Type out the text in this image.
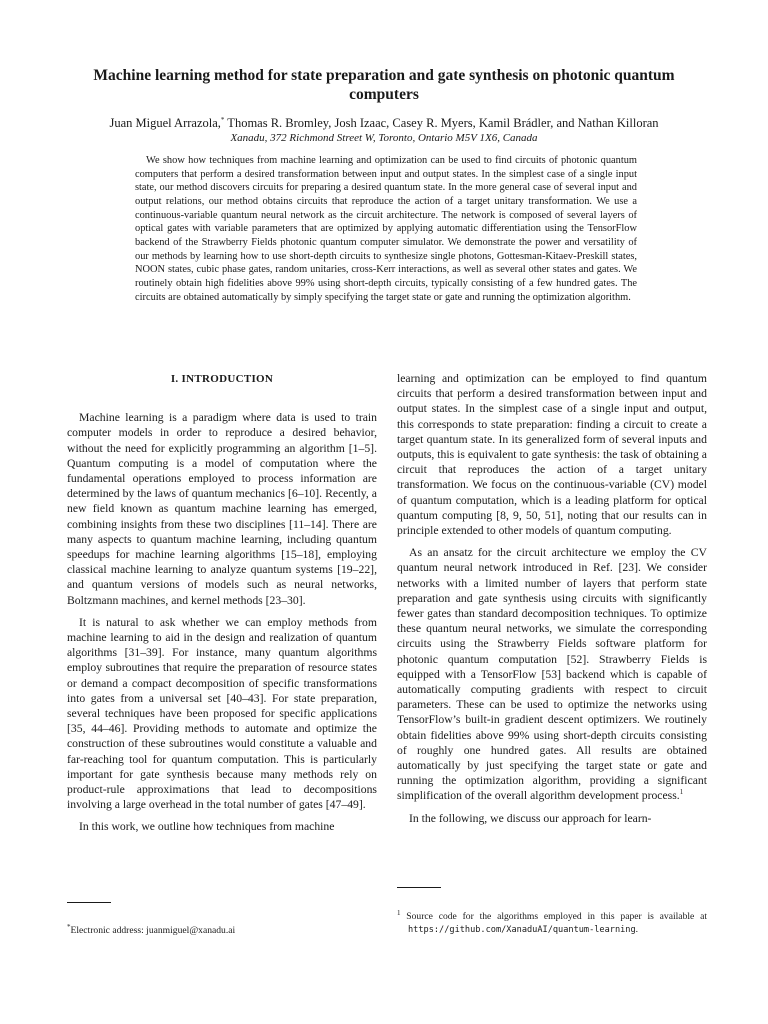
Machine learning method for state preparation and gate synthesis on photonic quantum computers
Juan Miguel Arrazola,* Thomas R. Bromley, Josh Izaac, Casey R. Myers, Kamil Brádler, and Nathan Killoran
Xanadu, 372 Richmond Street W, Toronto, Ontario M5V 1X6, Canada
We show how techniques from machine learning and optimization can be used to find circuits of photonic quantum computers that perform a desired transformation between input and output states. In the simplest case of a single input state, our method discovers circuits for preparing a desired quantum state. In the more general case of several input and output relations, our method obtains circuits that reproduce the action of a target unitary transformation. We use a continuous-variable quantum neural network as the circuit architecture. The network is composed of several layers of optical gates with variable parameters that are optimized by applying automatic differentiation using the TensorFlow backend of the Strawberry Fields photonic quantum computer simulator. We demonstrate the power and versatility of our methods by learning how to use short-depth circuits to synthesize single photons, Gottesman-Kitaev-Preskill states, NOON states, cubic phase gates, random unitaries, cross-Kerr interactions, as well as several other states and gates. We routinely obtain high fidelities above 99% using short-depth circuits, typically consisting of a few hundred gates. The circuits are obtained automatically by simply specifying the target state or gate and running the optimization algorithm.
I. INTRODUCTION

Machine learning is a paradigm where data is used to train computer models in order to reproduce a desired behavior, without the need for explicitly programming an algorithm [1–5]. Quantum computing is a model of computation where the fundamental operations employed to process information are determined by the laws of quantum mechanics [6–10]. Recently, a new field known as quantum machine learning has emerged, combining insights from these two disciplines [11–14]. There are many aspects to quantum machine learning, including quantum speedups for machine learning algorithms [15–18], employing classical machine learning to analyze quantum systems [19–22], and quantum versions of models such as neural networks, Boltzmann machines, and kernel methods [23–30].

It is natural to ask whether we can employ methods from machine learning to aid in the design and realization of quantum algorithms [31–39]. For instance, many quantum algorithms employ subroutines that require the preparation of resource states or demand a compact decomposition of specific transformations into gates from a universal set [40–43]. For state preparation, several techniques have been proposed for specific applications [35, 44–46]. Providing methods to automate and optimize the construction of these subroutines would constitute a valuable and far-reaching tool for quantum computation. This is particularly important for gate synthesis because many methods rely on product-rule approximations that lead to decompositions involving a large overhead in the total number of gates [47–49].

In this work, we outline how techniques from machine

learning and optimization can be employed to find quantum circuits that perform a desired transformation between input and output states. In the simplest case of a single input and output, this corresponds to state preparation: finding a circuit to create a target quantum state. In its generalized form of several inputs and outputs, this is equivalent to gate synthesis: the task of obtaining a circuit that reproduces the action of a target unitary transformation. We focus on the continuous-variable (CV) model of quantum computation, which is a leading platform for optical quantum computing [8, 9, 50, 51], noting that our results can in principle extended to other models of quantum computing.

As an ansatz for the circuit architecture we employ the CV quantum neural network introduced in Ref. [23]. We consider networks with a limited number of layers that perform state preparation and gate synthesis using circuits with significantly fewer gates than standard decomposition techniques. To optimize these quantum neural networks, we simulate the corresponding circuits using the Strawberry Fields software platform for photonic quantum computation [52]. Strawberry Fields is equipped with a TensorFlow [53] backend which is capable of automatically computing gradients with respect to circuit parameters. These can be used to optimize the networks using TensorFlow’s built-in gradient descent optimizers. We routinely obtain fidelities above 99% using short-depth circuits consisting of roughly one hundred gates. All results are obtained automatically by just specifying the target state or gate and running the optimization algorithm, providing a significant simplification of the overall algorithm development process.$^1$

In the following, we discuss our approach for learn-

*Electronic address: juanmiguel@xanadu.ai
$^1$ Source code for the algorithms employed in this paper is available at https://github.com/XanaduAI/quantum-learning.
